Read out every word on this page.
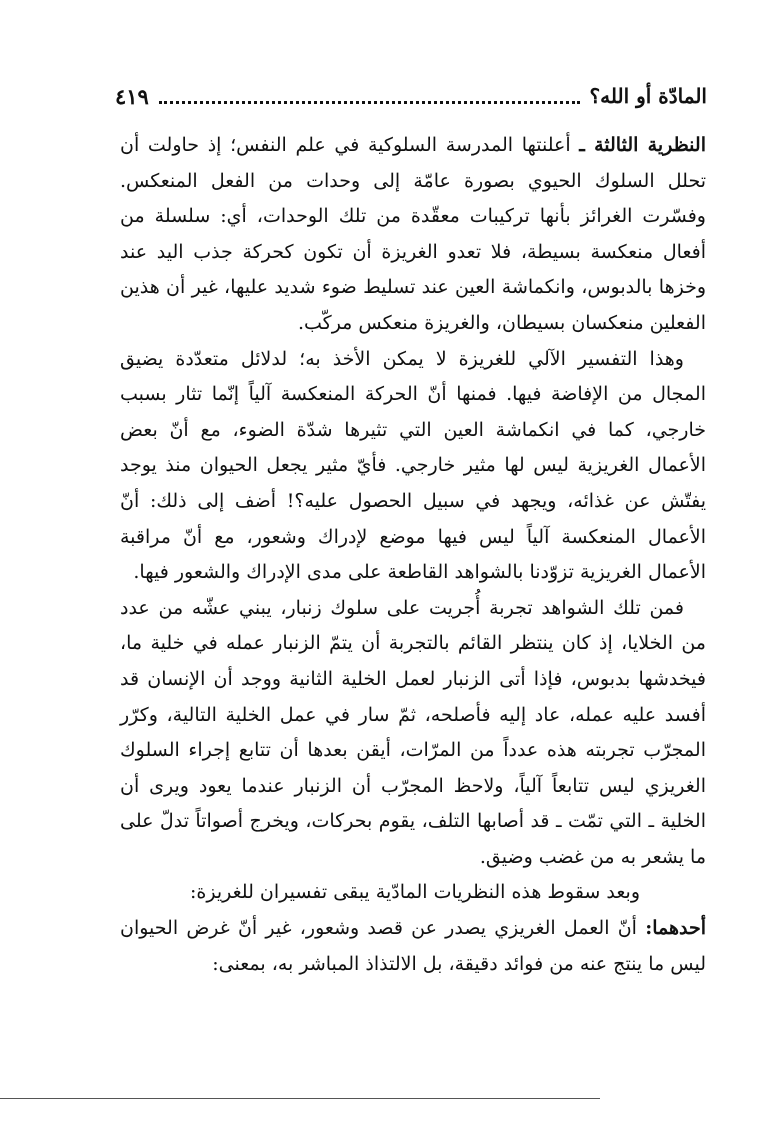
المادّة أو الله؟
٤١٩

النظرية الثالثة ـ أعلنتها المدرسة السلوكية في علم النفس؛ إذ حاولت أن تحلل السلوك الحيوي بصورة عامّة إلى وحدات من الفعل المنعكس. وفسّرت الغرائز بأنها تركيبات معقّدة من تلك الوحدات، أي: سلسلة من أفعال منعكسة بسيطة، فلا تعدو الغريزة أن تكون كحركة جذب اليد عند وخزها بالدبوس، وانكماشة العين عند تسليط ضوء شديد عليها، غير أن هذين الفعلين منعكسان بسيطان، والغريزة منعكس مركّب.

وهذا التفسير الآلي للغريزة لا يمكن الأخذ به؛ لدلائل متعدّدة يضيق المجال من الإفاضة فيها. فمنها أنّ الحركة المنعكسة آلياً إنّما تثار بسبب خارجي، كما في انكماشة العين التي تثيرها شدّة الضوء، مع أنّ بعض الأعمال الغريزية ليس لها مثير خارجي. فأيّ مثير يجعل الحيوان منذ يوجد يفتّش عن غذائه، ويجهد في سبيل الحصول عليه؟! أضف إلى ذلك: أنّ الأعمال المنعكسة آلياً ليس فيها موضع لإدراك وشعور، مع أنّ مراقبة الأعمال الغريزية تزوّدنا بالشواهد القاطعة على مدى الإدراك والشعور فيها.

فمن تلك الشواهد تجربة أُجريت على سلوك زنبار، يبني عشّه من عدد من الخلايا، إذ كان ينتظر القائم بالتجربة أن يتمّ الزنبار عمله في خلية ما، فيخدشها بدبوس، فإذا أتى الزنبار لعمل الخلية الثانية ووجد أن الإنسان قد أفسد عليه عمله، عاد إليه فأصلحه، ثمّ سار في عمل الخلية التالية، وكرّر المجرّب تجربته هذه عدداً من المرّات، أيقن بعدها أن تتابع إجراء السلوك الغريزي ليس تتابعاً آلياً، ولاحظ المجرّب أن الزنبار عندما يعود ويرى أن الخلية ـ التي تمّت ـ قد أصابها التلف، يقوم بحركات، ويخرج أصواتاً تدلّ على ما يشعر به من غضب وضيق.

وبعد سقوط هذه النظريات المادّية يبقى تفسيران للغريزة:

أحدهما: أنّ العمل الغريزي يصدر عن قصد وشعور، غير أنّ غرض الحيوان ليس ما ينتج عنه من فوائد دقيقة، بل الالتذاذ المباشر به، بمعنى:
